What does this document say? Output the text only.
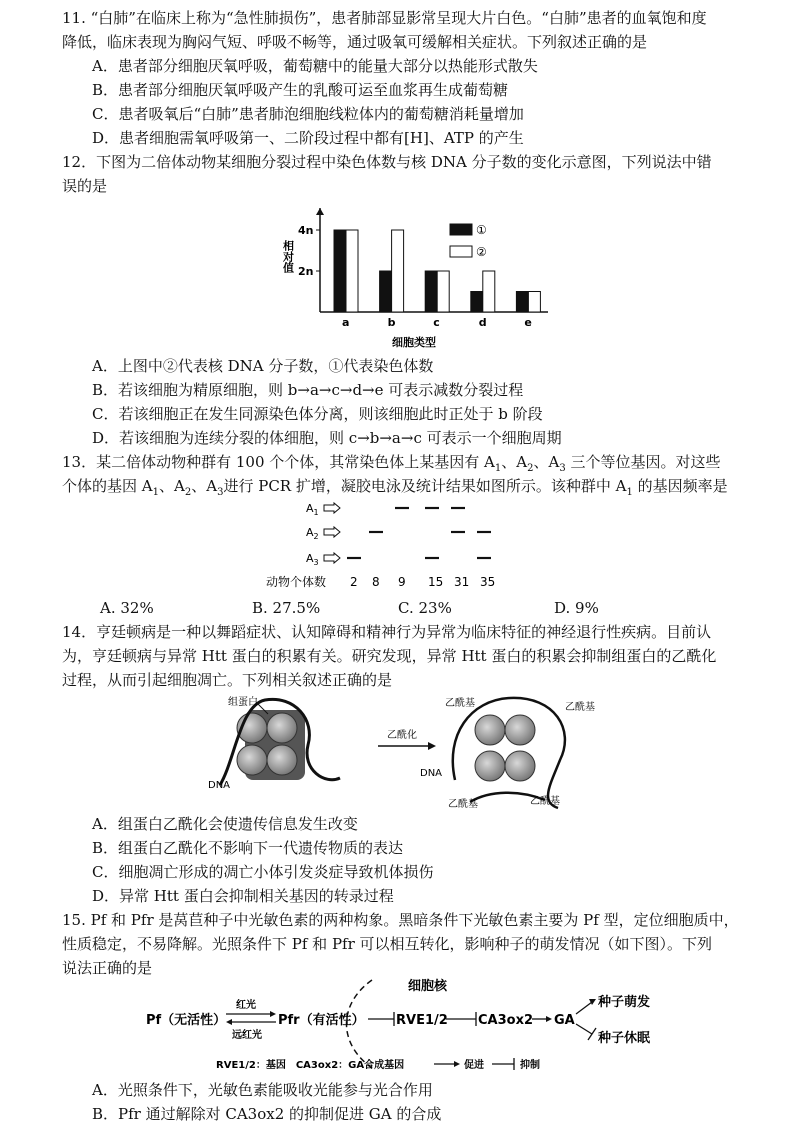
11. “白肺”在临床上称为“急性肺损伤”，患者肺部显影常呈现大片白色。“白肺”患者的血氧饱和度
降低，临床表现为胸闷气短、呼吸不畅等，通过吸氧可缓解相关症状。下列叙述正确的是
A．患者部分细胞厌氧呼吸，葡萄糖中的能量大部分以热能形式散失
B．患者部分细胞厌氧呼吸产生的乳酸可运至血浆再生成葡萄糖
C．患者吸氧后“白肺”患者肺泡细胞线粒体内的葡萄糖消耗量增加
D．患者细胞需氧呼吸第一、二阶段过程中都有[H]、ATP 的产生
12．下图为二倍体动物某细胞分裂过程中染色体数与核 DNA 分子数的变化示意图，下列说法中错
误的是
2n
4n
相对值
a	b	c	d	e
细胞类型
①
②
A．上图中②代表核 DNA 分子数，①代表染色体数
B．若该细胞为精原细胞，则 b→a→c→d→e 可表示减数分裂过程
C．若该细胞正在发生同源染色体分离，则该细胞此时正处于 b 阶段
D．若该细胞为连续分裂的体细胞，则 c→b→a→c 可表示一个细胞周期
13．某二倍体动物种群有 100 个个体，其常染色体上某基因有 $A_1$、$A_2$、$A_3$ 三个等位基因。对这些
个体的基因 $A_1$、$A_2$、$A_3$进行 PCR 扩增，凝胶电泳及统计结果如图所示。该种群中 $A_1$ 的基因频率是
$A_1$
$A_2$
$A_3$
动物个体数 2 8 9 15 31 35
A. 32%	B. 27.5%	C. 23%	D. 9%
14．亨廷顿病是一种以舞蹈症状、认知障碍和精神行为异常为临床特征的神经退行性疾病。目前认
为，亨廷顿病与异常 Htt 蛋白的积累有关。研究发现，异常 Htt 蛋白的积累会抑制组蛋白的乙酰化
过程，从而引起细胞凋亡。下列相关叙述正确的是
组蛋白
DNA
乙酰化
乙酰基	乙酰基
乙酰基	乙酰基
DNA
A．组蛋白乙酰化会使遗传信息发生改变
B．组蛋白乙酰化不影响下一代遗传物质的表达
C．细胞凋亡形成的凋亡小体引发炎症导致机体损伤
D．异常 Htt 蛋白会抑制相关基因的转录过程
15. Pf 和 Pfr 是莴苣种子中光敏色素的两种构象。黑暗条件下光敏色素主要为 Pf 型，定位细胞质中，
性质稳定，不易降解。光照条件下 Pf 和 Pfr 可以相互转化，影响种子的萌发情况（如下图）。下列
说法正确的是
细胞核
Pf（无活性）
红光
远红光
Pfr（有活性） RVE1/2 CA3ox2 GA
种子萌发
种子休眠
RVE1/2：基因　CA3ox2：GA合成基因	促进	抑制
A．光照条件下，光敏色素能吸收光能参与光合作用
B．Pfr 通过解除对 CA3ox2 的抑制促进 GA 的合成
